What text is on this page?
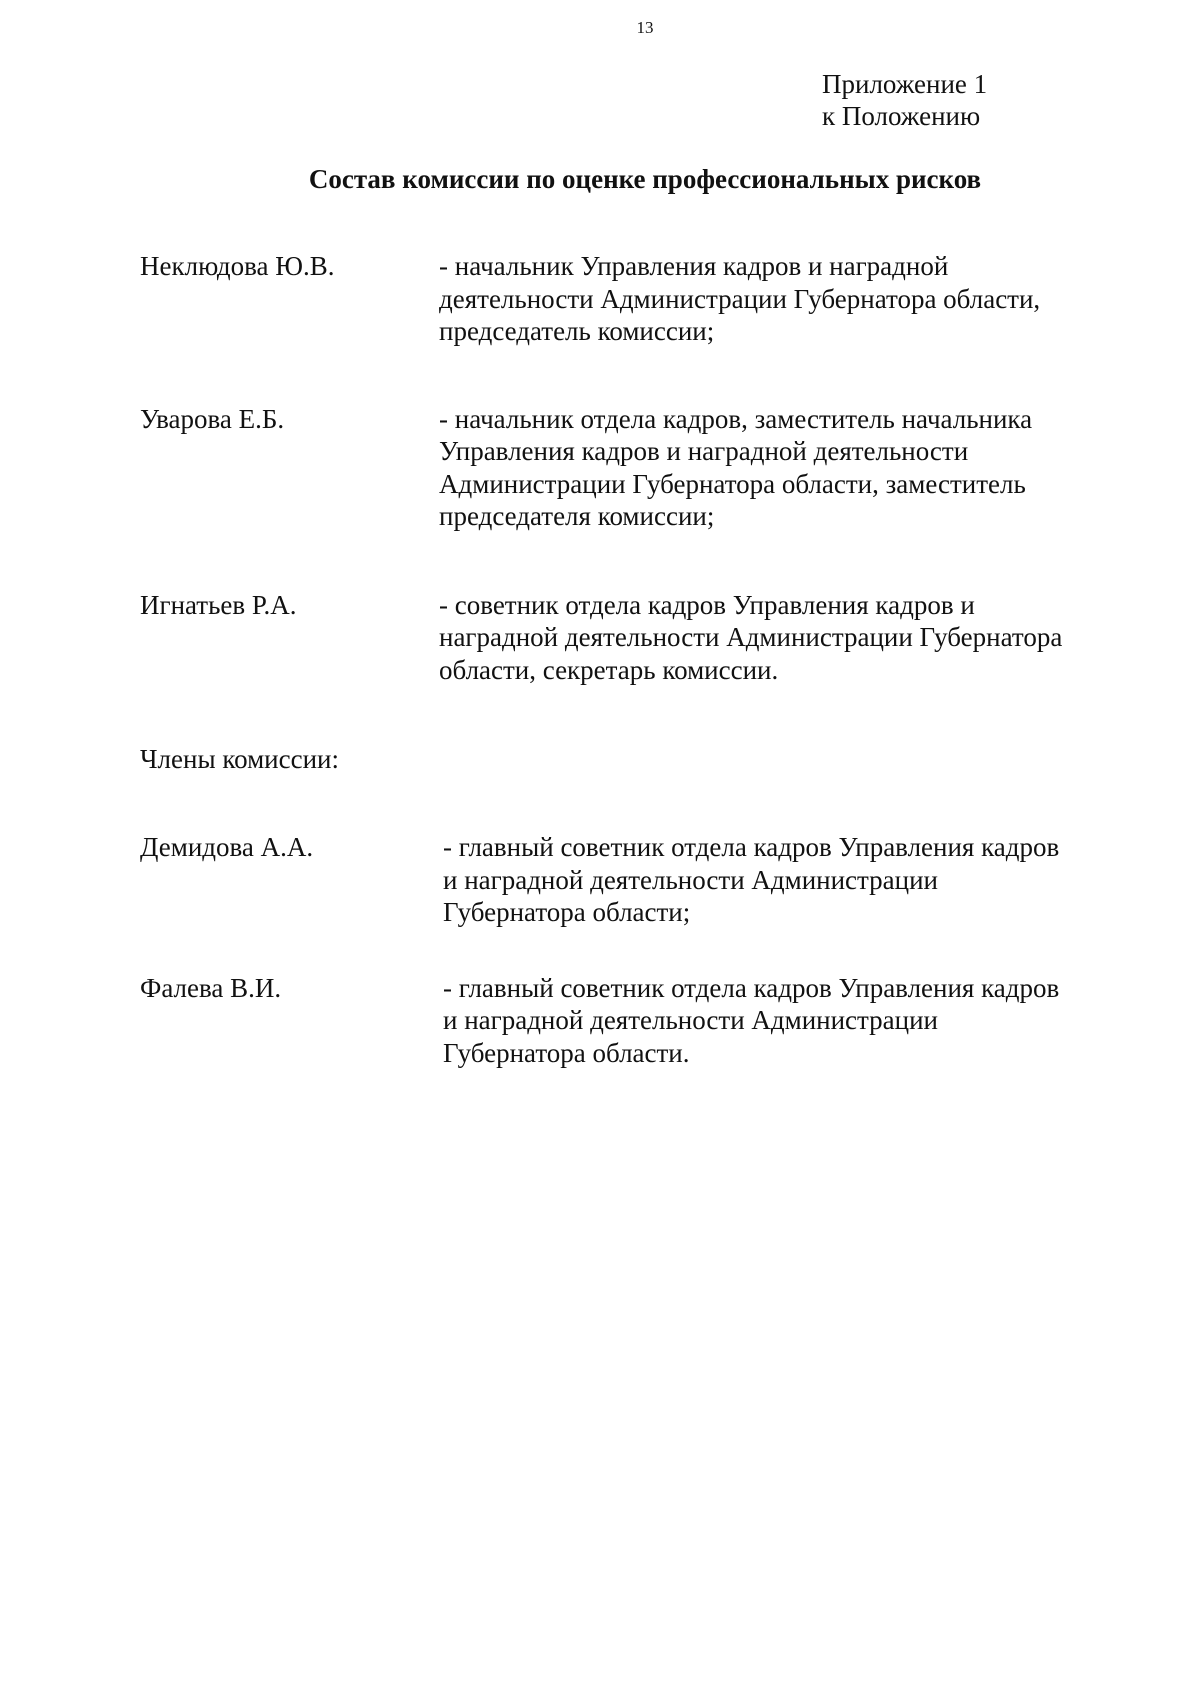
13
Приложение 1
к Положению
Состав комиссии по оценке профессиональных рисков
Неклюдова Ю.В.	- начальник Управления кадров и наградной
деятельности Администрации Губернатора области,
председатель комиссии;
Уварова Е.Б.	- начальник отдела кадров, заместитель начальника
Управления кадров и наградной деятельности
Администрации Губернатора области, заместитель
председателя комиссии;
Игнатьев Р.А.	- советник отдела кадров Управления кадров и
наградной деятельности Администрации Губернатора
области, секретарь комиссии.
Члены комиссии:
Демидова А.А.	- главный советник отдела кадров Управления кадров
и наградной деятельности Администрации
Губернатора области;
Фалева В.И.	- главный советник отдела кадров Управления кадров
и наградной деятельности Администрации
Губернатора области.
